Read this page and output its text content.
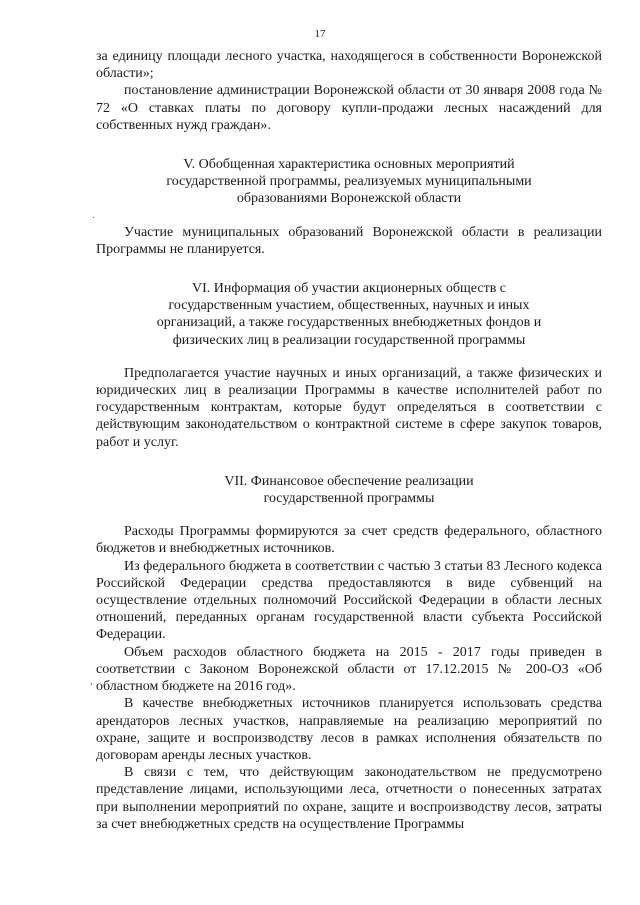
17
.
,

за единицу площади лесного участка, находящегося в собственности Воронежской области»;

постановление администрации Воронежской области от 30 января 2008 года № 72 «О ставках платы по договору купли-продажи лесных насаждений для собственных нужд граждан».

V. Обобщенная характеристика основных мероприятий
государственной программы, реализуемых муниципальными
образованиями Воронежской области

Участие муниципальных образований Воронежской области в реализации Программы не планируется.

VI. Информация об участии акционерных обществ с
государственным участием, общественных, научных и иных
организаций, а также государственных внебюджетных фондов и
физических лиц в реализации государственной программы

Предполагается участие научных и иных организаций, а также физических и юридических лиц в реализации Программы в качестве исполнителей работ по государственным контрактам, которые будут определяться в соответствии с действующим законодательством о контрактной системе в сфере закупок товаров, работ и услуг.

VII. Финансовое обеспечение реализации
государственной программы

Расходы Программы формируются за счет средств федерального, областного бюджетов и внебюджетных источников.

Из федерального бюджета в соответствии с частью 3 статьи 83 Лесного кодекса Российской Федерации средства предоставляются в виде субвенций на осуществление отдельных полномочий Российской Федерации в области лесных отношений, переданных органам государственной власти субъекта Российской Федерации.

Объем расходов областного бюджета на 2015 - 2017 годы приведен в соответствии с Законом Воронежской области от 17.12.2015 № 200-ОЗ «Об областном бюджете на 2016 год».

В качестве внебюджетных источников планируется использовать средства арендаторов лесных участков, направляемые на реализацию мероприятий по охране, защите и воспроизводству лесов в рамках исполнения обязательств по договорам аренды лесных участков.

В связи с тем, что действующим законодательством не предусмотрено представление лицами, использующими леса, отчетности о понесенных затратах при выполнении мероприятий по охране, защите и воспроизводству лесов, затраты за счет внебюджетных средств на осуществление Программы
